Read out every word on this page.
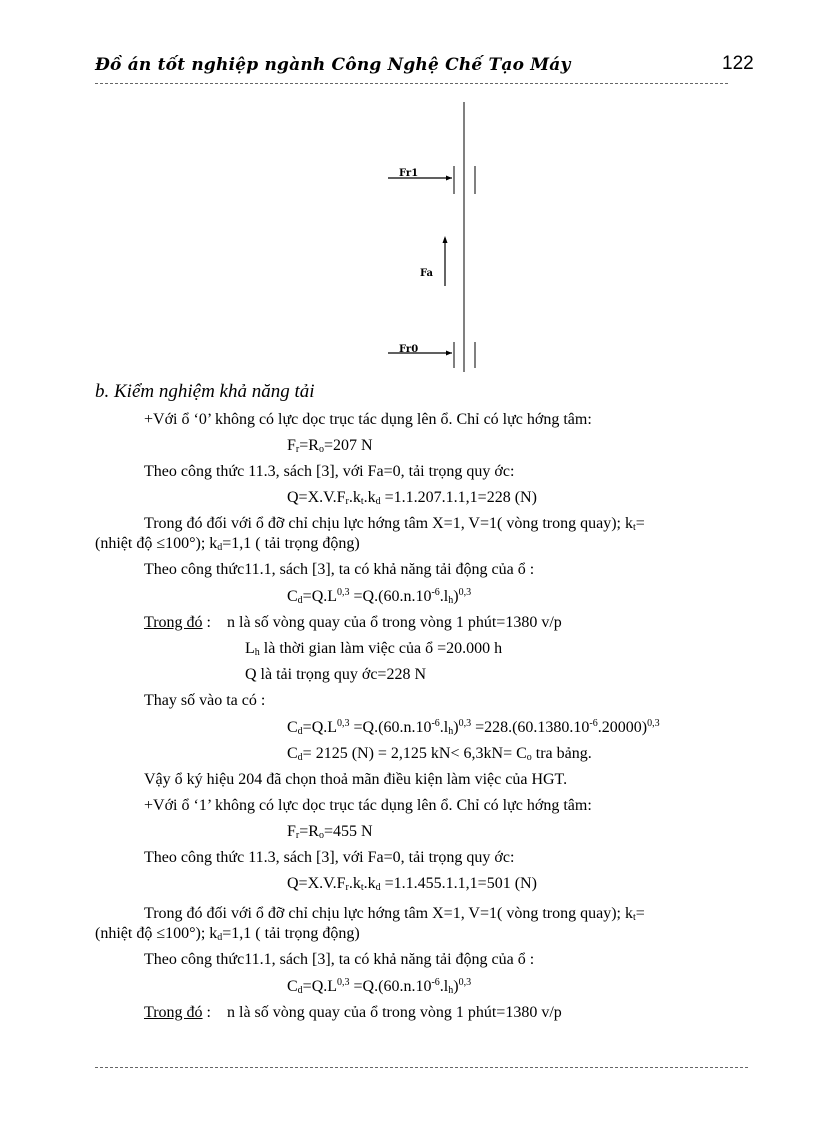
Đồ án tốt nghiệp ngành Công Nghệ Chế Tạo Máy	122
Fr1
Fa
Fr0
b. Kiểm nghiệm khả năng tải
+Với ổ ‘0’ không có lực dọc trục tác dụng lên ổ. Chỉ có lực hớng tâm:
$F_r=R_o=207$ N
Theo công thức 11.3, sách [3], với Fa=0, tải trọng quy ớc:
$Q=X.V.F_r.k_t.k_d =1.1.207.1.1,1=228$ (N)
Trong đó đối với ổ đỡ chỉ chịu lực hớng tâm X=1, V=1( vòng trong quay); $k_t=$
(nhiệt độ ≤100°); $k_d=1,1$ ( tải trọng động)
Theo công thức11.1, sách [3], ta có khả năng tải động của ổ :
$C_d=Q.L^{0,3} =Q.(60.n.10^{-6}.l_h)^{0,3}$
Trong đó :    n là số vòng quay của ổ trong vòng 1 phút=1380 v/p
$L_h$ là thời gian làm việc của ổ =20.000 h
Q là tải trọng quy ớc=228 N
Thay số vào ta có :
$C_d=Q.L^{0,3} =Q.(60.n.10^{-6}.l_h)^{0,3} =228.(60.1380.10^{-6}.20000)^{0,3}$
$C_d= 2125$ (N) = 2,125 $kN< 6,3kN= C_o$ tra bảng.
Vậy ổ ký hiệu 204 đã chọn thoả mãn điều kiện làm việc của HGT.
+Với ổ ‘1’ không có lực dọc trục tác dụng lên ổ. Chỉ có lực hớng tâm:
$F_r=R_o=455$ N
Theo công thức 11.3, sách [3], với Fa=0, tải trọng quy ớc:
$Q=X.V.F_r.k_t.k_d =1.1.455.1.1,1=501$ (N)
Trong đó đối với ổ đỡ chỉ chịu lực hớng tâm X=1, V=1( vòng trong quay); $k_t=$
(nhiệt độ ≤100°); $k_d=1,1$ ( tải trọng động)
Theo công thức11.1, sách [3], ta có khả năng tải động của ổ :
$C_d=Q.L^{0,3} =Q.(60.n.10^{-6}.l_h)^{0,3}$
Trong đó :    n là số vòng quay của ổ trong vòng 1 phút=1380 v/p
